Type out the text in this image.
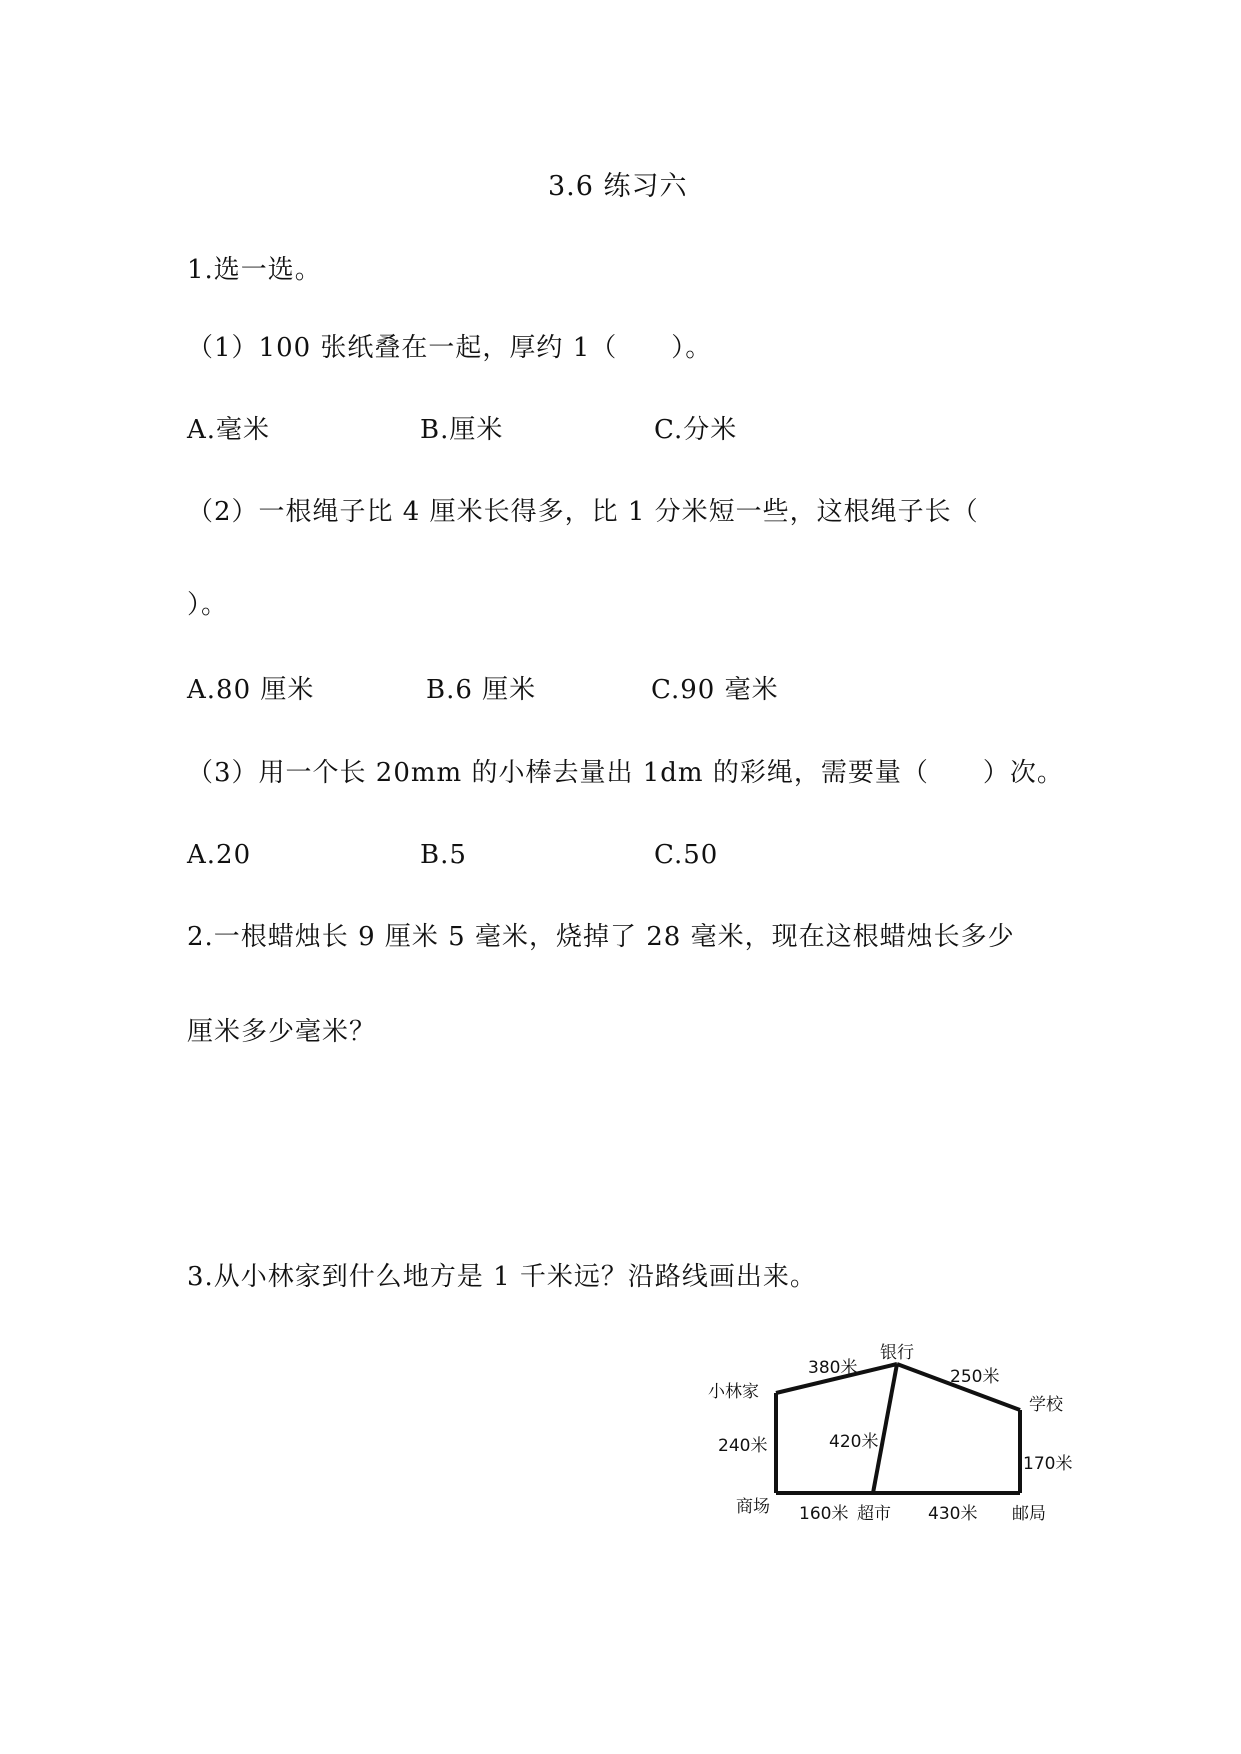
3.6 练习六
1.选一选。
（1）100 张纸叠在一起，厚约 1（　　）。
A.毫米	B.厘米	C.分米
（2）一根绳子比 4 厘米长得多，比 1 分米短一些，这根绳子长（
）。
A.80 厘米	B.6 厘米	C.90 毫米
（3）用一个长 20mm 的小棒去量出 1dm 的彩绳，需要量（　　）次。
A.20	B.5	C.50
2.一根蜡烛长 9 厘米 5 毫米，烧掉了 28 毫米，现在这根蜡烛长多少
厘米多少毫米？
3.从小林家到什么地方是 1 千米远？沿路线画出来。
小林家
银行
学校
商场	超市	邮局
380米	250米
420米
240米
170米
160米	430米
